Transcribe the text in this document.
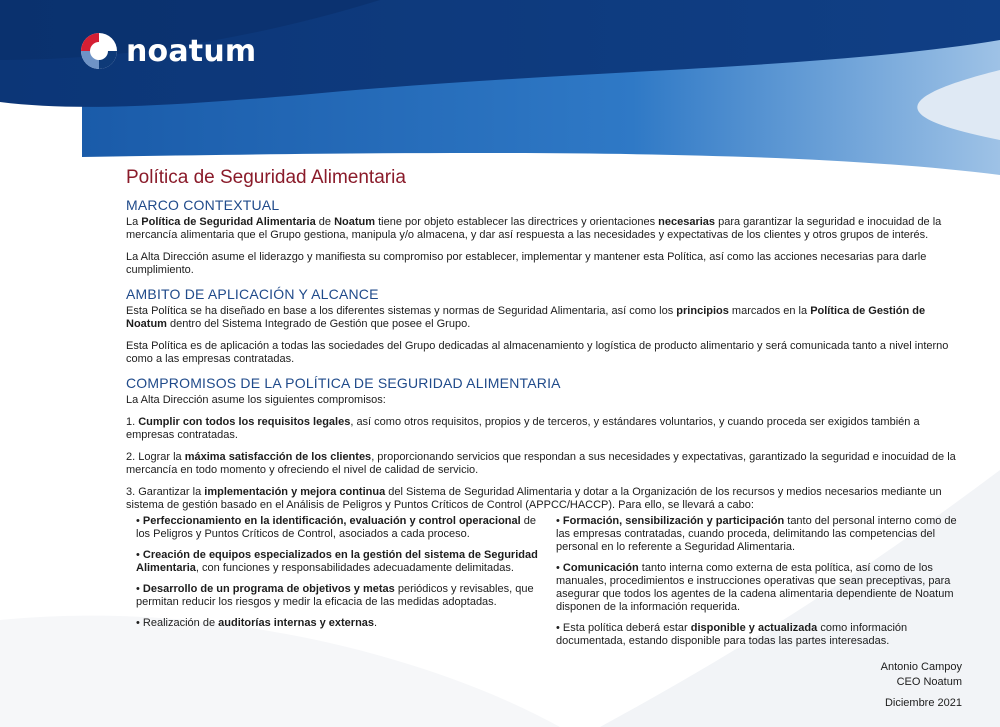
noatum
Política de Seguridad Alimentaria
MARCO CONTEXTUAL

La Política de Seguridad Alimentaria de Noatum tiene por objeto establecer las directrices y orientaciones necesarias para garantizar la seguridad e inocuidad de la mercancía alimentaria que el Grupo gestiona, manipula y/o almacena, y dar así respuesta a las necesidades y expectativas de los clientes y otros grupos de interés.

La Alta Dirección asume el liderazgo y manifiesta su compromiso por establecer, implementar y mantener esta Política, así como las acciones necesarias para darle cumplimiento.

AMBITO DE APLICACIÓN Y ALCANCE

Esta Política se ha diseñado en base a los diferentes sistemas y normas de Seguridad Alimentaria, así como los principios marcados en la Política de Gestión de Noatum dentro del Sistema Integrado de Gestión que posee el Grupo.

Esta Política es de aplicación a todas las sociedades del Grupo dedicadas al almacenamiento y logística de producto alimentario y será comunicada tanto a nivel interno como a las empresas contratadas.

COMPROMISOS DE LA POLÍTICA DE SEGURIDAD ALIMENTARIA

La Alta Dirección asume los siguientes compromisos:

1. Cumplir con todos los requisitos legales, así como otros requisitos, propios y de terceros, y estándares voluntarios, y cuando proceda ser exigidos también a empresas contratadas.

2. Lograr la máxima satisfacción de los clientes, proporcionando servicios que respondan a sus necesidades y expectativas, garantizado la seguridad e inocuidad de la mercancía en todo momento y ofreciendo el nivel de calidad de servicio.

3. Garantizar la implementación y mejora continua del Sistema de Seguridad Alimentaria y dotar a la Organización de los recursos y medios necesarios mediante un sistema de gestión basado en el Análisis de Peligros y Puntos Críticos de Control (APPCC/HACCP). Para ello, se llevará a cabo:

• Perfeccionamiento en la identificación, evaluación y control operacional de los Peligros y Puntos Críticos de Control, asociados a cada proceso.

• Creación de equipos especializados en la gestión del sistema de Seguridad Alimentaria, con funciones y responsabilidades adecuadamente delimitadas.

• Desarrollo de un programa de objetivos y metas periódicos y revisables, que permitan reducir los riesgos y medir la eficacia de las medidas adoptadas.

• Realización de auditorías internas y externas.

• Formación, sensibilización y participación tanto del personal interno como de las empresas contratadas, cuando proceda, delimitando las competencias del personal en lo referente a Seguridad Alimentaria.

• Comunicación tanto interna como externa de esta política, así como de los manuales, procedimientos e instrucciones operativas que sean preceptivas, para asegurar que todos los agentes de la cadena alimentaria dependiente de Noatum disponen de la información requerida.

• Esta política deberá estar disponible y actualizada como información documentada, estando disponible para todas las partes interesadas.

Antonio Campoy
CEO Noatum
Diciembre 2021
